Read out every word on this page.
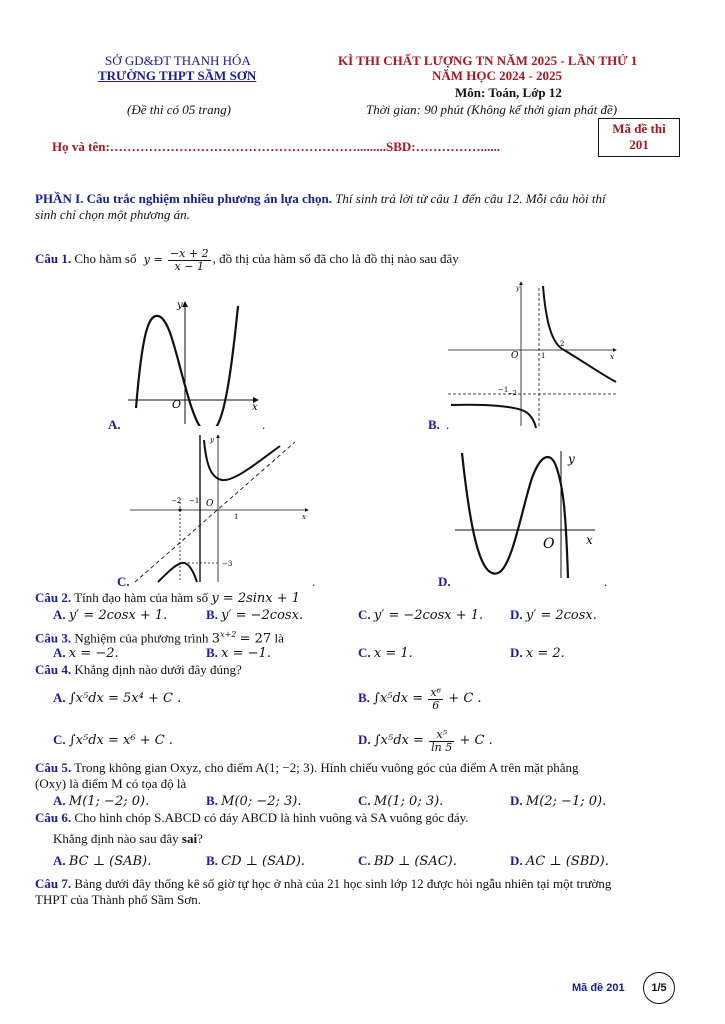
SỞ GD&ĐT THANH HÓA
TRƯỜNG THPT SẦM SƠN
(Đề thi có 05 trang)
KÌ THI CHẤT LƯỢNG TN NĂM 2025 - LẦN THỨ 1
NĂM HỌC 2024 - 2025
Môn: Toán, Lớp 12
Thời gian: 90 phút (Không kể thời gian phát đề)
Họ và tên:………………………………………………….........SBD:……………......
Mã đề thi
201
PHẦN I. Câu trắc nghiệm nhiều phương án lựa chọn. Thí sinh trả lời từ câu 1 đến câu 12. Mỗi câu hỏi thí
sinh chỉ chọn một phương án.
Câu 1. Cho hàm số $y = \frac{-x + 2}{x - 1}$ , đồ thị của hàm số đã cho là đồ thị nào sau đây
y
x
O
A.	.
y
x
O	1
2
−1 −2
B. .
y
x
O
−2 −1
1
−3
C.	.
y
x
O
D.	.
Câu 2. Tính đạo hàm của hàm số y = 2sinx + 1
A. y′ = 2cosx + 1.	B. y′ = −2cosx.	C. y′ = −2cosx + 1. D. y′ = 2cosx.
Câu 3. Nghiệm của phương trình $3^{x+2} = 27$ là
A. x = −2.	B. x = −1.	C. x = 1.	D. x = 2.
Câu 4. Khẳng định nào dưới đây đúng?
A. ∫x⁵dx = 5x⁴ + C .	B. $\int x^5dx = \frac{\text{x⁶}}{6} + C$ .
C. ∫x⁵dx = x⁶ + C .	D. $\int x^5dx = \frac{\text{x⁵}}{\ln 5} + C$ .
Câu 5. Trong không gian Oxyz, cho điểm A(1; −2; 3). Hình chiếu vuông góc của điểm A trên mặt phẳng
(Oxy) là điểm M có tọa độ là
A. M(1; −2; 0).	B. M(0; −2; 3).	C. M(1; 0; 3).	D. M(2; −1; 0).
Câu 6. Cho hình chóp S.ABCD có đáy ABCD là hình vuông và SA vuông góc đáy.
Khẳng định nào sau đây sai?
A. BC ⊥ (SAB).	B. CD ⊥ (SAD).	C. BD ⊥ (SAC).	D. AC ⊥ (SBD).
Câu 7. Bảng dưới đây thống kê số giờ tự học ở nhà của 21 học sinh lớp 12 được hỏi ngẫu nhiên tại một trường
THPT của Thành phố Sầm Sơn.
Mã đề 201	1/5
